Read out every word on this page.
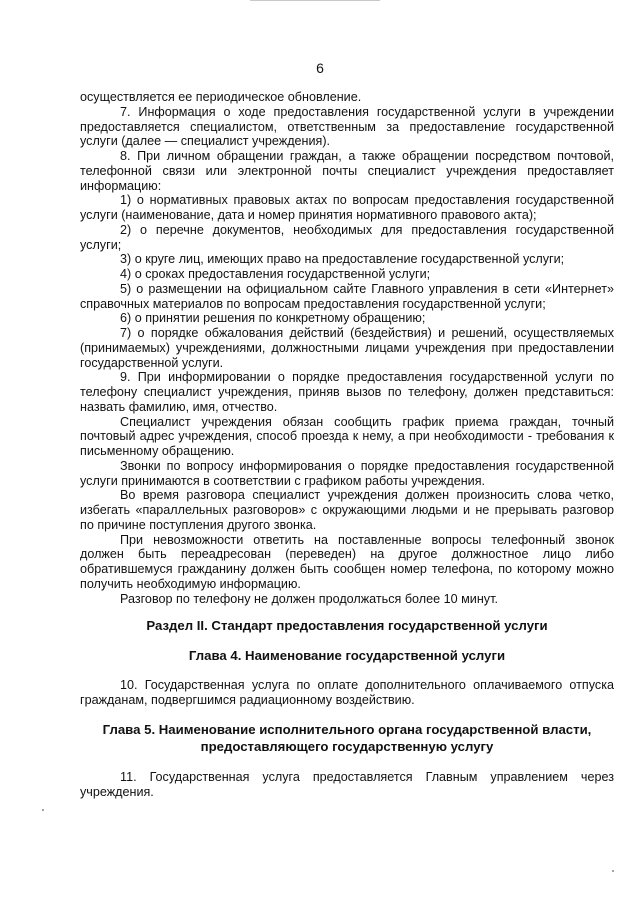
6

осуществляется ее периодическое обновление.

7. Информация о ходе предоставления государственной услуги в учреждении предоставляется специалистом, ответственным за предоставление государственной услуги (далее — специалист учреждения).

8. При личном обращении граждан, а также обращении посредством почтовой, телефонной связи или электронной почты специалист учреждения предоставляет информацию:

1) о нормативных правовых актах по вопросам предоставления государственной услуги (наименование, дата и номер принятия нормативного правового акта);

2) о перечне документов, необходимых для предоставления государственной услуги;

3) о круге лиц, имеющих право на предоставление государственной услуги;

4) о сроках предоставления государственной услуги;

5) о размещении на официальном сайте Главного управления в сети «Интернет» справочных материалов по вопросам предоставления государственной услуги;

6) о принятии решения по конкретному обращению;

7) о порядке обжалования действий (бездействия) и решений, осуществляемых (принимаемых) учреждениями, должностными лицами учреждения при предоставлении государственной услуги.

9. При информировании о порядке предоставления государственной услуги по телефону специалист учреждения, приняв вызов по телефону, должен представиться: назвать фамилию, имя, отчество.

Специалист учреждения обязан сообщить график приема граждан, точный почтовый адрес учреждения, способ проезда к нему, а при необходимости - требования к письменному обращению.

Звонки по вопросу информирования о порядке предоставления государственной услуги принимаются в соответствии с графиком работы учреждения.

Во время разговора специалист учреждения должен произносить слова четко, избегать «параллельных разговоров» с окружающими людьми и не прерывать разговор по причине поступления другого звонка.

При невозможности ответить на поставленные вопросы телефонный звонок должен быть переадресован (переведен) на другое должностное лицо либо обратившемуся гражданину должен быть сообщен номер телефона, по которому можно получить необходимую информацию.

Разговор по телефону не должен продолжаться более 10 минут.

Раздел II. Стандарт предоставления государственной услуги

Глава 4. Наименование государственной услуги

10. Государственная услуга по оплате дополнительного оплачиваемого отпуска гражданам, подвергшимся радиационному воздействию.

Глава 5. Наименование исполнительного органа государственной власти, предоставляющего государственную услугу

11. Государственная услуга предоставляется Главным управлением через учреждения.
